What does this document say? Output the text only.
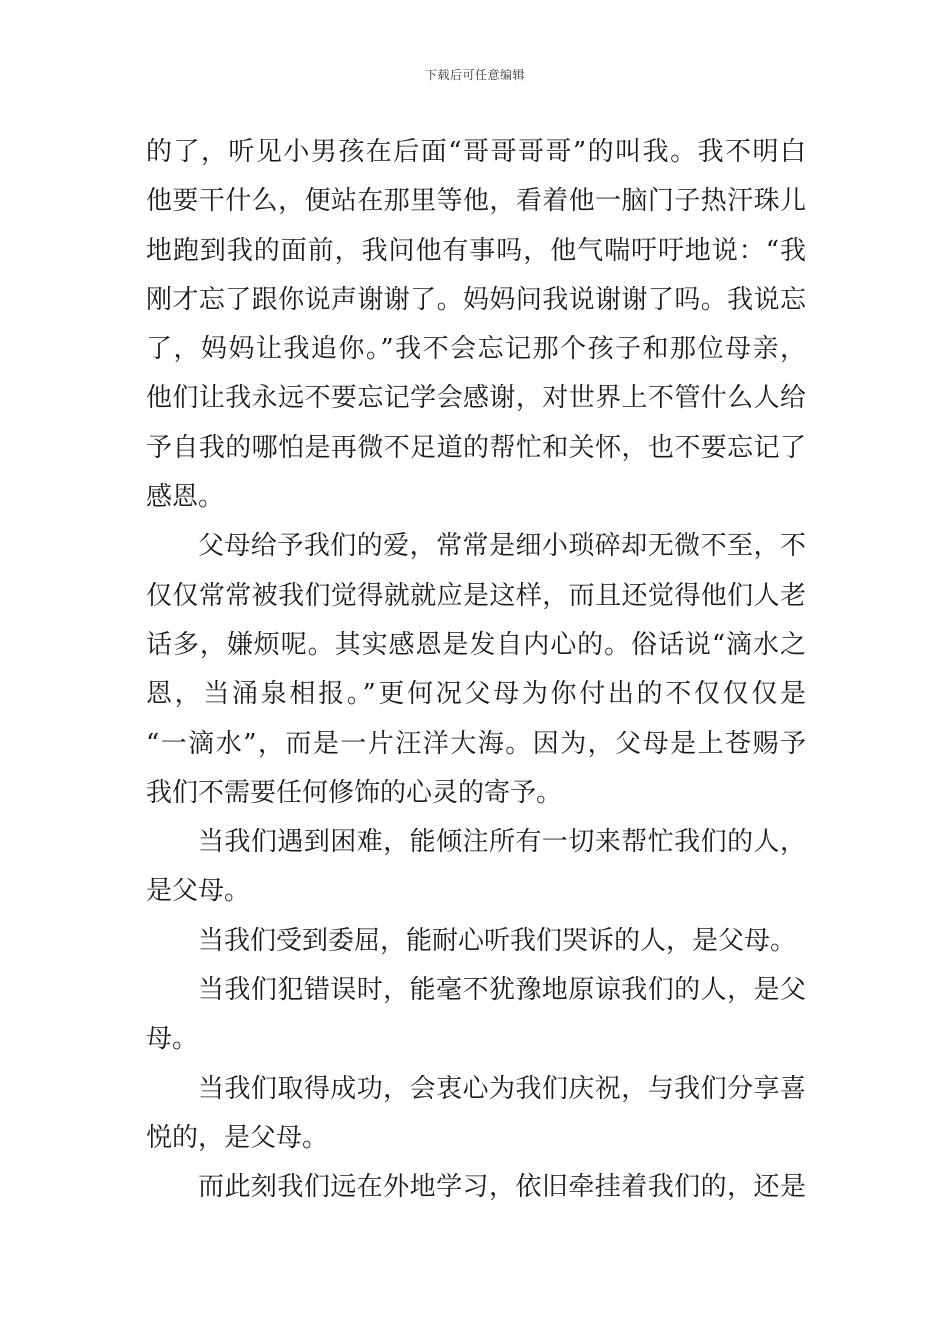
下载后可任意编辑
的了，听见小男孩在后面“哥哥哥哥”的叫我。我不明白
他要干什么，便站在那里等他，看着他一脑门子热汗珠儿
地跑到我的面前，我问他有事吗，他气喘吁吁地说：“我
刚才忘了跟你说声谢谢了。妈妈问我说谢谢了吗。我说忘
了，妈妈让我追你。”我不会忘记那个孩子和那位母亲，
他们让我永远不要忘记学会感谢，对世界上不管什么人给
予自我的哪怕是再微不足道的帮忙和关怀，也不要忘记了
感恩。
父母给予我们的爱，常常是细小琐碎却无微不至，不
仅仅常常被我们觉得就就应是这样，而且还觉得他们人老
话多，嫌烦呢。其实感恩是发自内心的。俗话说“滴水之
恩，当涌泉相报。”更何况父母为你付出的不仅仅仅是
“一滴水”，而是一片汪洋大海。因为，父母是上苍赐予
我们不需要任何修饰的心灵的寄予。
当我们遇到困难，能倾注所有一切来帮忙我们的人，
是父母。
当我们受到委屈，能耐心听我们哭诉的人，是父母。
当我们犯错误时，能毫不犹豫地原谅我们的人，是父
母。
当我们取得成功，会衷心为我们庆祝，与我们分享喜
悦的，是父母。
而此刻我们远在外地学习，依旧牵挂着我们的，还是
